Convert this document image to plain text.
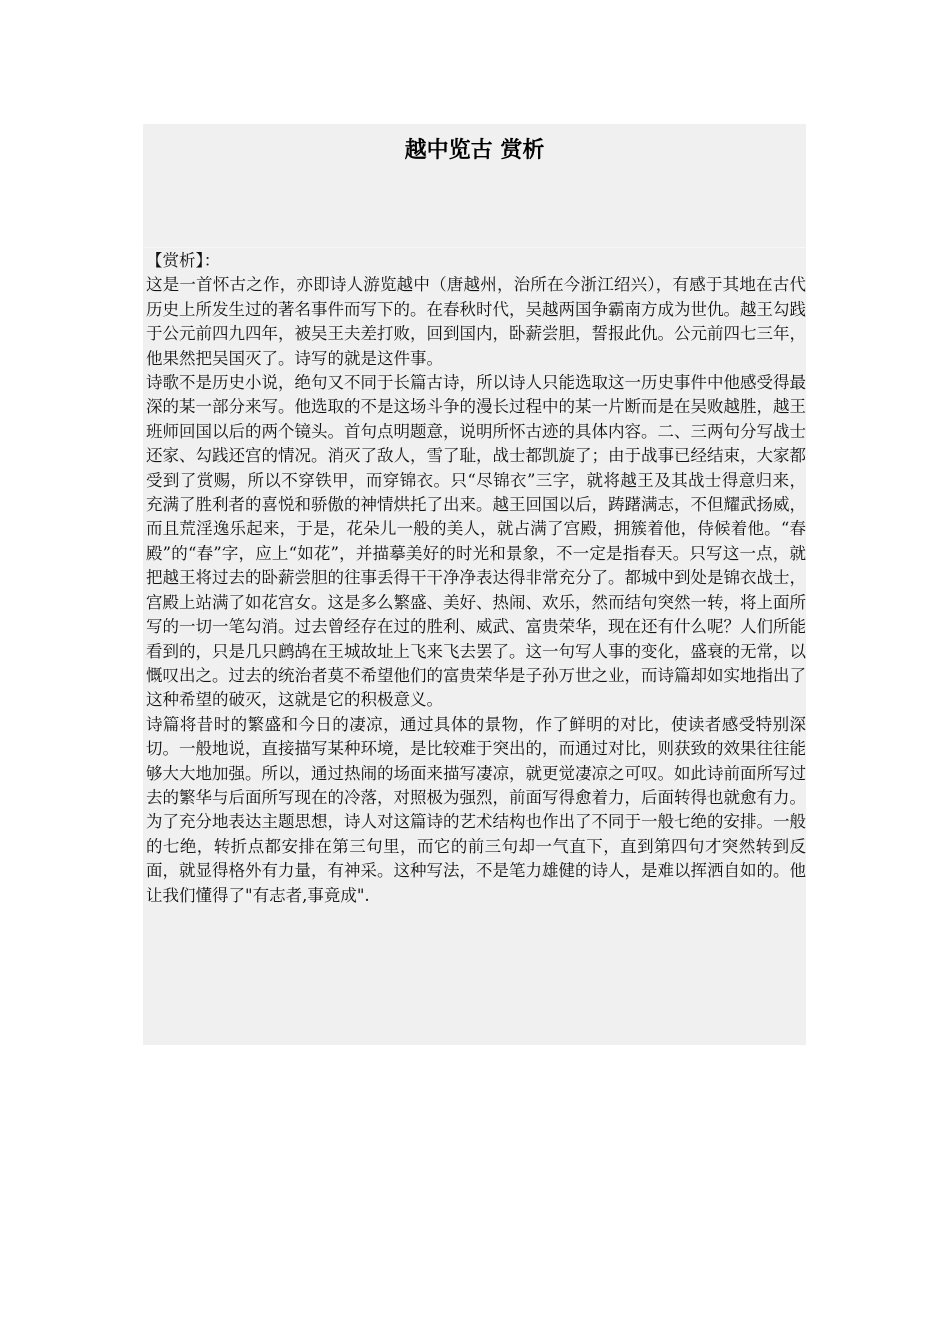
越中览古 赏析

【赏析】：

这是一首怀古之作，亦即诗人游览越中（唐越州，治所在今浙江绍兴），有感于其地在古代历史上所发生过的著名事件而写下的。在春秋时代，吴越两国争霸南方成为世仇。越王勾践于公元前四九四年，被吴王夫差打败，回到国内，卧薪尝胆，誓报此仇。公元前四七三年，他果然把吴国灭了。诗写的就是这件事。

诗歌不是历史小说，绝句又不同于长篇古诗，所以诗人只能选取这一历史事件中他感受得最深的某一部分来写。他选取的不是这场斗争的漫长过程中的某一片断而是在吴败越胜，越王班师回国以后的两个镜头。首句点明题意，说明所怀古迹的具体内容。二、三两句分写战士还家、勾践还宫的情况。消灭了敌人，雪了耻，战士都凯旋了；由于战事已经结束，大家都受到了赏赐，所以不穿铁甲，而穿锦衣。只“尽锦衣”三字，就将越王及其战士得意归来，充满了胜利者的喜悦和骄傲的神情烘托了出来。越王回国以后，踌躇满志，不但耀武扬威，而且荒淫逸乐起来，于是，花朵儿一般的美人，就占满了宫殿，拥簇着他，侍候着他。“春殿”的“春”字，应上“如花”，并描摹美好的时光和景象，不一定是指春天。只写这一点，就把越王将过去的卧薪尝胆的往事丢得干干净净表达得非常充分了。都城中到处是锦衣战士，宫殿上站满了如花宫女。这是多么繁盛、美好、热闹、欢乐，然而结句突然一转，将上面所写的一切一笔勾消。过去曾经存在过的胜利、威武、富贵荣华，现在还有什么呢？人们所能看到的，只是几只鹧鸪在王城故址上飞来飞去罢了。这一句写人事的变化，盛衰的无常，以慨叹出之。过去的统治者莫不希望他们的富贵荣华是子孙万世之业，而诗篇却如实地指出了这种希望的破灭，这就是它的积极意义。

诗篇将昔时的繁盛和今日的凄凉，通过具体的景物，作了鲜明的对比，使读者感受特别深切。一般地说，直接描写某种环境，是比较难于突出的，而通过对比，则获致的效果往往能够大大地加强。所以，通过热闹的场面来描写凄凉，就更觉凄凉之可叹。如此诗前面所写过去的繁华与后面所写现在的冷落，对照极为强烈，前面写得愈着力，后面转得也就愈有力。为了充分地表达主题思想，诗人对这篇诗的艺术结构也作出了不同于一般七绝的安排。一般的七绝，转折点都安排在第三句里，而它的前三句却一气直下，直到第四句才突然转到反面，就显得格外有力量，有神采。这种写法，不是笔力雄健的诗人，是难以挥洒自如的。他让我们懂得了"有志者,事竟成".
